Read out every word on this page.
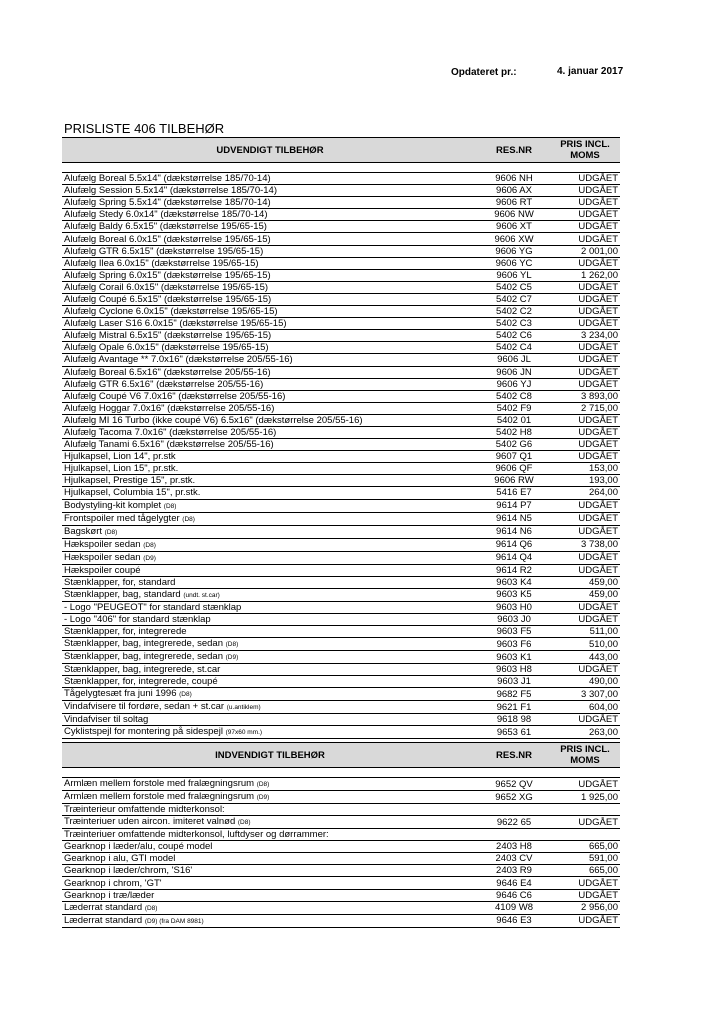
Opdateret pr.:	4. januar 2017
PRISLISTE 406 TILBEHØR
UDVENDIGT TILBEHØR	RES.NR	PRIS INCL. MOMS

Alufælg Boreal 5.5x14" (dækstørrelse 185/70-14)	9606 NH	UDGÅET
Alufælg Session 5.5x14" (dækstørrelse 185/70-14)	9606 AX	UDGÅET
Alufælg Spring 5.5x14" (dækstørrelse 185/70-14)	9606 RT	UDGÅET
Alufælg Stedy 6.0x14" (dækstørrelse 185/70-14)	9606 NW	UDGÅET
Alufælg Baldy 6.5x15" (dækstørrelse 195/65-15)	9606 XT	UDGÅET
Alufælg Boreal 6.0x15" (dækstørrelse 195/65-15)	9606 XW	UDGÅET
Alufælg GTR 6.5x15" (dækstørrelse 195/65-15)	9606 YG	2 001,00
Alufælg Ilea 6.0x15" (dækstørrelse 195/65-15)	9606 YC	UDGÅET
Alufælg Spring 6.0x15" (dækstørrelse 195/65-15)	9606 YL	1 262,00
Alufælg Corail 6.0x15" (dækstørrelse 195/65-15)	5402 C5	UDGÅET
Alufælg Coupé 6.5x15" (dækstørrelse 195/65-15)	5402 C7	UDGÅET
Alufælg Cyclone 6.0x15" (dækstørrelse 195/65-15)	5402 C2	UDGÅET
Alufælg Laser S16 6.0x15" (dækstørrelse 195/65-15)	5402 C3	UDGÅET
Alufælg Mistral 6.5x15" (dækstørrelse 195/65-15)	5402 C6	3 234,00
Alufælg Opale 6.0x15" (dækstørrelse 195/65-15)	5402 C4	UDGÅET
Alufælg Avantage ** 7.0x16" (dækstørrelse 205/55-16)	9606 JL	UDGÅET
Alufælg Boreal 6.5x16" (dækstørrelse 205/55-16)	9606 JN	UDGÅET
Alufælg GTR 6.5x16" (dækstørrelse 205/55-16)	9606 YJ	UDGÅET
Alufælg Coupé V6 7.0x16" (dækstørrelse 205/55-16)	5402 C8	3 893,00
Alufælg Hoggar 7.0x16" (dækstørrelse 205/55-16)	5402 F9	2 715,00
Alufælg MI 16 Turbo (ikke coupé V6) 6.5x16" (dækstørrelse 205/55-16)	5402 01	UDGÅET
Alufælg Tacoma 7.0x16" (dækstørrelse 205/55-16)	5402 H8	UDGÅET
Alufælg Tanami 6.5x16" (dækstørrelse 205/55-16)	5402 G6	UDGÅET
Hjulkapsel, Lion 14", pr.stk	9607 Q1	UDGÅET
Hjulkapsel, Lion 15", pr.stk.	9606 QF	153,00
Hjulkapsel, Prestige 15", pr.stk.	9606 RW	193,00
Hjulkapsel, Columbia 15", pr.stk.	5416 E7	264,00
Bodystyling-kit komplet (D8)	9614 P7	UDGÅET
Frontspoiler med tågelygter (D8)	9614 N5	UDGÅET
Bagskørt (D8)	9614 N6	UDGÅET
Hækspoiler sedan (D8)	9614 Q6	3 738,00
Hækspoiler sedan (D9)	9614 Q4	UDGÅET
Hækspoiler coupé	9614 R2	UDGÅET
Stænklapper, for, standard	9603 K4	459,00
Stænklapper, bag, standard (undt. st.car)	9603 K5	459,00
- Logo "PEUGEOT" for standard stænklap	9603 H0	UDGÅET
- Logo "406" for standard stænklap	9603 J0	UDGÅET
Stænklapper, for, integrerede	9603 F5	511,00
Stænklapper, bag, integrerede, sedan (D8)	9603 F6	510,00
Stænklapper, bag, integrerede, sedan (D9)	9603 K1	443,00
Stænklapper, bag, integrerede, st.car	9603 H8	UDGÅET
Stænklapper, for, integrerede, coupé	9603 J1	490,00
Tågelygtesæt fra juni 1996 (D8)	9682 F5	3 307,00
Vindafvisere til fordøre, sedan + st.car (u.antiklem)	9621 F1	604,00
Vindafviser til soltag	9618 98	UDGÅET
Cyklistspejl for montering på sidespejl (97x60 mm.)	9653 61	263,00
INDVENDIGT TILBEHØR	RES.NR	PRIS INCL. MOMS

Armlæn mellem forstole med fralægningsrum (D8)	9652 QV	UDGÅET
Armlæn mellem forstole med fralægningsrum (D9)	9652 XG	1 925,00
Træinterieur omfattende midterkonsol:		
Træinteriuer uden aircon. imiteret valnød (D8)	9622 65	UDGÅET
Træinteriuer omfattende midterkonsol, luftdyser og dørrammer:		
Gearknop i læder/alu, coupé model	2403 H8	665,00
Gearknop i alu, GTI model	2403 CV	591,00
Gearknop i læder/chrom, 'S16'	2403 R9	665,00
Gearknop i chrom, 'GT'	9646 E4	UDGÅET
Gearknop i træ/læder	9646 C6	UDGÅET
Læderrat standard (D8)	4109 W8	2 956,00
Læderrat standard (D9) (fra DAM 8981)	9646 E3	UDGÅET
